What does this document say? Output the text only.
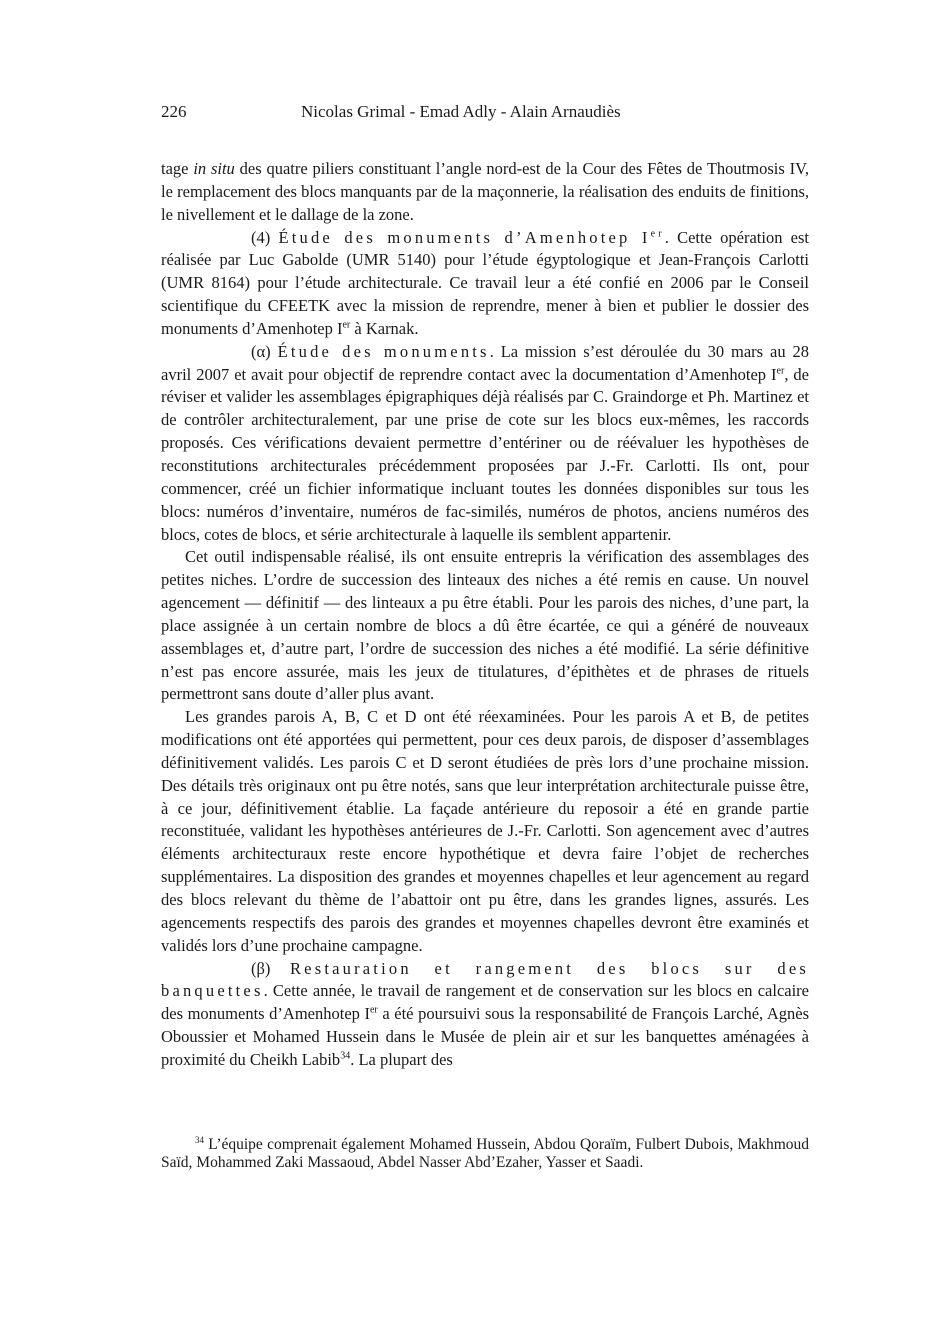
226	Nicolas Grimal - Emad Adly - Alain Arnaudiès

tage in situ des quatre piliers constituant l’angle nord-est de la Cour des Fêtes de Thoutmosis IV, le remplacement des blocs manquants par de la maçonnerie, la réalisation des enduits de finitions, le nivellement et le dallage de la zone.

(4) Étude des monuments d’Amenhotep Ier. Cette opération est réalisée par Luc Gabolde (UMR 5140) pour l’étude égyptologique et Jean-François Carlotti (UMR 8164) pour l’étude architecturale. Ce travail leur a été confié en 2006 par le Conseil scientifique du CFEETK avec la mission de reprendre, mener à bien et publier le dossier des monuments d’Amenhotep Ier à Karnak.

(α) Étude des monuments. La mission s’est déroulée du 30 mars au 28 avril 2007 et avait pour objectif de reprendre contact avec la documentation d’Amenhotep Ier, de réviser et valider les assemblages épigraphiques déjà réalisés par C. Graindorge et Ph. Martinez et de contrôler architecturalement, par une prise de cote sur les blocs eux-mêmes, les raccords proposés. Ces vérifications devaient permettre d’entériner ou de réévaluer les hypothèses de reconstitutions architecturales précédemment proposées par J.-Fr. Carlotti. Ils ont, pour commencer, créé un fichier informatique incluant toutes les données disponibles sur tous les blocs: numéros d’inventaire, numéros de fac-similés, numéros de photos, anciens numéros des blocs, cotes de blocs, et série architecturale à laquelle ils semblent appartenir.

Cet outil indispensable réalisé, ils ont ensuite entrepris la vérification des assemblages des petites niches. L’ordre de succession des linteaux des niches a été remis en cause. Un nouvel agencement — définitif — des linteaux a pu être établi. Pour les parois des niches, d’une part, la place assignée à un certain nombre de blocs a dû être écartée, ce qui a généré de nouveaux assemblages et, d’autre part, l’ordre de succession des niches a été modifié. La série définitive n’est pas encore assurée, mais les jeux de titulatures, d’épithètes et de phrases de rituels permettront sans doute d’aller plus avant.

Les grandes parois A, B, C et D ont été réexaminées. Pour les parois A et B, de petites modifications ont été apportées qui permettent, pour ces deux parois, de disposer d’assemblages définitivement validés. Les parois C et D seront étudiées de près lors d’une prochaine mission. Des détails très originaux ont pu être notés, sans que leur interprétation architecturale puisse être, à ce jour, définitivement établie. La façade antérieure du reposoir a été en grande partie reconstituée, validant les hypothèses antérieures de J.-Fr. Carlotti. Son agencement avec d’autres éléments architecturaux reste encore hypothétique et devra faire l’objet de recherches supplémentaires. La disposition des grandes et moyennes chapelles et leur agencement au regard des blocs relevant du thème de l’abattoir ont pu être, dans les grandes lignes, assurés. Les agencements respectifs des parois des grandes et moyennes chapelles devront être examinés et validés lors d’une prochaine campagne.

(β) Restauration et rangement des blocs sur des banquettes. Cette année, le travail de rangement et de conservation sur les blocs en calcaire des monuments d’Amenhotep Ier a été poursuivi sous la responsabilité de François Larché, Agnès Oboussier et Mohamed Hussein dans le Musée de plein air et sur les banquettes aménagées à proximité du Cheikh Labib$^{34}$. La plupart des

$^{34}$ L’équipe comprenait également Mohamed Hussein, Abdou Qoraïm, Fulbert Dubois, Makhmoud Saïd, Mohammed Zaki Massaoud, Abdel Nasser Abd’Ezaher, Yasser et Saadi.
